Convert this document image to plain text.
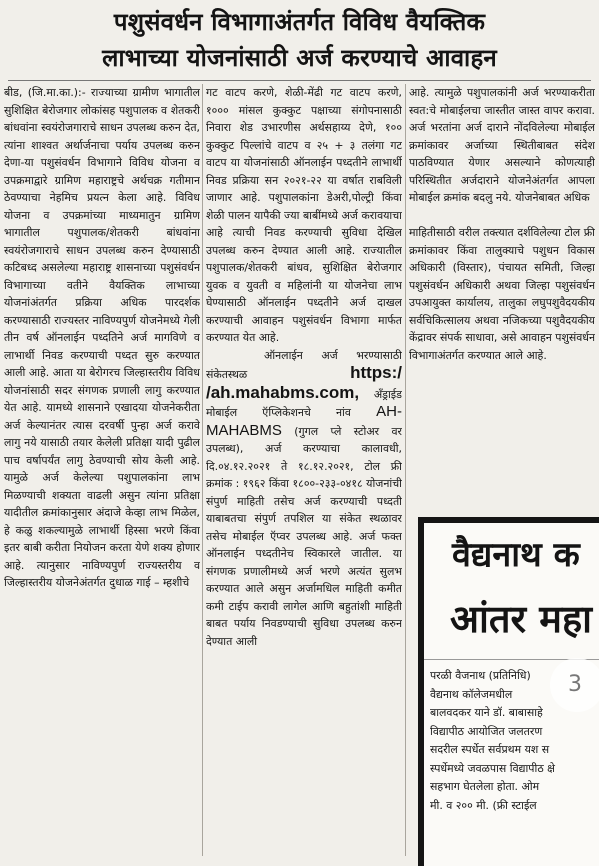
पशुसंवर्धन विभागाअंतर्गत विविध वैयक्तिक
लाभाच्या योजनांसाठी अर्ज करण्याचे आवाहन

बीड, (जि.मा.का.):- राज्याच्या ग्रामीण भागातील सुशिक्षित बेरोजगार लोकांसह पशुपालक व शेतकरी बांधवांना स्वयंरोजगाराचे साधन उपलब्ध करुन देत, त्यांना शाश्वत अर्थार्जनाचा पर्याय उपलब्ध करुन देणा-या पशुसंवर्धन विभागाने विविध योजना व उपक्रमाद्वारे ग्रामिण महाराष्ट्रचे अर्थचक्र गतीमान ठेवण्याचा नेहमिच प्रयत्न केला आहे. विविध योजना व उपक्रमांच्या माध्यमातुन ग्रामिण भागातील पशुपालक/शेतकरी बांधवांना स्वयंरोजगाराचे साधन उपलब्ध करुन देण्यासाठी कटिबध्द असलेल्या महाराष्ट्र शासनाच्या पशुसंवर्धन विभागाच्या वतीने वैयक्तिक लाभाच्या योजनांअंतर्गत प्रक्रिया अधिक पारदर्शक करण्यासाठी राज्यस्तर नाविण्यपुर्ण योजनेमध्ये गेली तीन वर्ष ऑनलाईन पध्दतिने अर्ज मागविणे व लाभार्थी निवड करण्याची पध्दत सुरु करण्यात आली आहे. आता या बेरोगरच जिल्हास्तरीय विविध योजनांसाठी सदर संगणक प्रणाली लागु करण्यात येत आहे. यामध्ये शासनाने एखादया योजनेकरीता अर्ज केल्यानंतर त्यास दरवर्षी पुन्हा अर्ज करावे लागु नये यासाठी तयार केलेली प्रतिक्षा यादी पुढील पाच वर्षापर्यंत लागु ठेवण्याची सोय केली आहे. यामुळे अर्ज केलेल्या पशुपालकांना लाभ मिळण्याची शक्यता वाढली असुन त्यांना प्रतिक्षा यादीतील क्रमांकानुसार अंदाजे केव्हा लाभ मिळेल, हे कळु शकल्यामुळे लाभार्थी हिस्सा भरणे किंवा इतर बाबी करीता नियोजन करता येणे शक्य होणार आहे. त्यानुसार नाविण्यपुर्ण राज्यस्तरीय व जिल्हास्तरीय योजनेअंतर्गत दुधाळ गाई – म्हशीचे

गट वाटप करणे, शेळी-मेंढी गट वाटप करणे, १००० मांसल कुक्कुट पक्षाच्या संगोपनासाठी निवारा शेड उभारणीस अर्थसहाय्य देणे, १०० कुक्कुट पिल्लांचे वाटप व २५ + ३ तलंगा गट वाटप या योजनांसाठी ऑनलाईन पध्दतीने लाभार्थी निवड प्रक्रिया सन २०२१-२२ या वर्षात राबविली जाणार आहे. पशुपालकांना डेअरी,पोल्ट्री किंवा शेळी पालन यापैकी ज्या बाबींमध्ये अर्ज करावयाचा आहे त्याची निवड करण्याची सुविधा देखिल उपलब्ध करुन देण्यात आली आहे. राज्यातील पशुपालक/शेतकरी बांधव, सुशिक्षित बेरोजगार युवक व युवती व महिलांनी या योजनेचा लाभ घेण्यासाठी ऑनलाईन पध्दतीने अर्ज दाखल करण्याची आवाहन पशुसंवर्धन विभागा मार्फत करण्यात येत आहे.
ऑनलाईन अर्ज भरण्यासाठी संकेतस्थळ	https:/ /ah.mahabms.com, अँड्राईड मोबाईल ऍप्लिकेशनचे नांव AH-MAHABMS (गुगल प्ले स्टोअर वर उपलब्ध), अर्ज करण्याचा कालावधी, दि.०४.१२.२०२१ ते १८.१२.२०२१, टोल फ्री क्रमांक : १९६२ किंवा १८००-२३३-०४१८ योजनांची संपुर्ण माहिती तसेच अर्ज करण्याची पध्दती याबाबतचा संपुर्ण तपशिल या संकेत स्थळावर तसेच मोबाईल ऍप्वर उपलब्ध आहे. अर्ज फक्त ऑनलाईन पध्दतीनेच स्विकारले जातील. या संगणक प्रणालीमध्ये अर्ज भरणे अत्यंत सुलभ करण्यात आले असुन अर्जामधिल माहिती कमीत कमी टाईप करावी लागेल आणि बहुतांशी माहिती बाबत पर्याय निवडण्याची सुविधा उपलब्ध करुन देण्यात आली

आहे. त्यामुळे पशुपालकांनी अर्ज भरण्याकरीता स्वत:चे मोबाईलचा जास्तीत जास्त वापर करावा. अर्ज भरतांना अर्ज दाराने नोंदविलेल्या मोबाईल क्रमांकावर अर्जाच्या स्थितीबाबत संदेश पाठविण्यात येणार असल्याने कोणत्याही परिस्थितीत अर्जदाराने योजनेअंतर्गत आपला मोबाईल क्रमांक बदलु नये. योजनेबाबत अधिक

माहितीसाठी वरील तक्त्यात दर्शविलेल्या टोल फ्री क्रमांकावर किंवा तालुक्याचे पशुधन विकास अधिकारी (विस्तार), पंचायत समिती, जिल्हा पशुसंवर्धन अधिकारी अथवा जिल्हा पशुसंवर्धन उपआयुक्त कार्यालय, तालुका लघुपशुवैदयकीय सर्वचिकित्सालय अथवा नजिकच्या पशुवैदयकीय केंद्रावर संपर्क साधावा, असे आवाहन पशुसंवर्धन विभागाअंतर्गत करण्यात आले आहे.

वैद्यनाथ क
आंतर महा
परळी वैजनाथ (प्रतिनिधि)
वैद्यनाथ कॉलेजमधील
बालवदकर याने डॉ. बाबासाहे
विद्यापीठ आयोजित जलतरण
सदरील स्पर्धेत सर्वप्रथम यश स
स्पर्धेमध्ये जवळपास विद्यापीठ क्षे
सहभाग घेतलेला होता. ओम
मी. व २०० मी. (फ्री स्टाईल
3
